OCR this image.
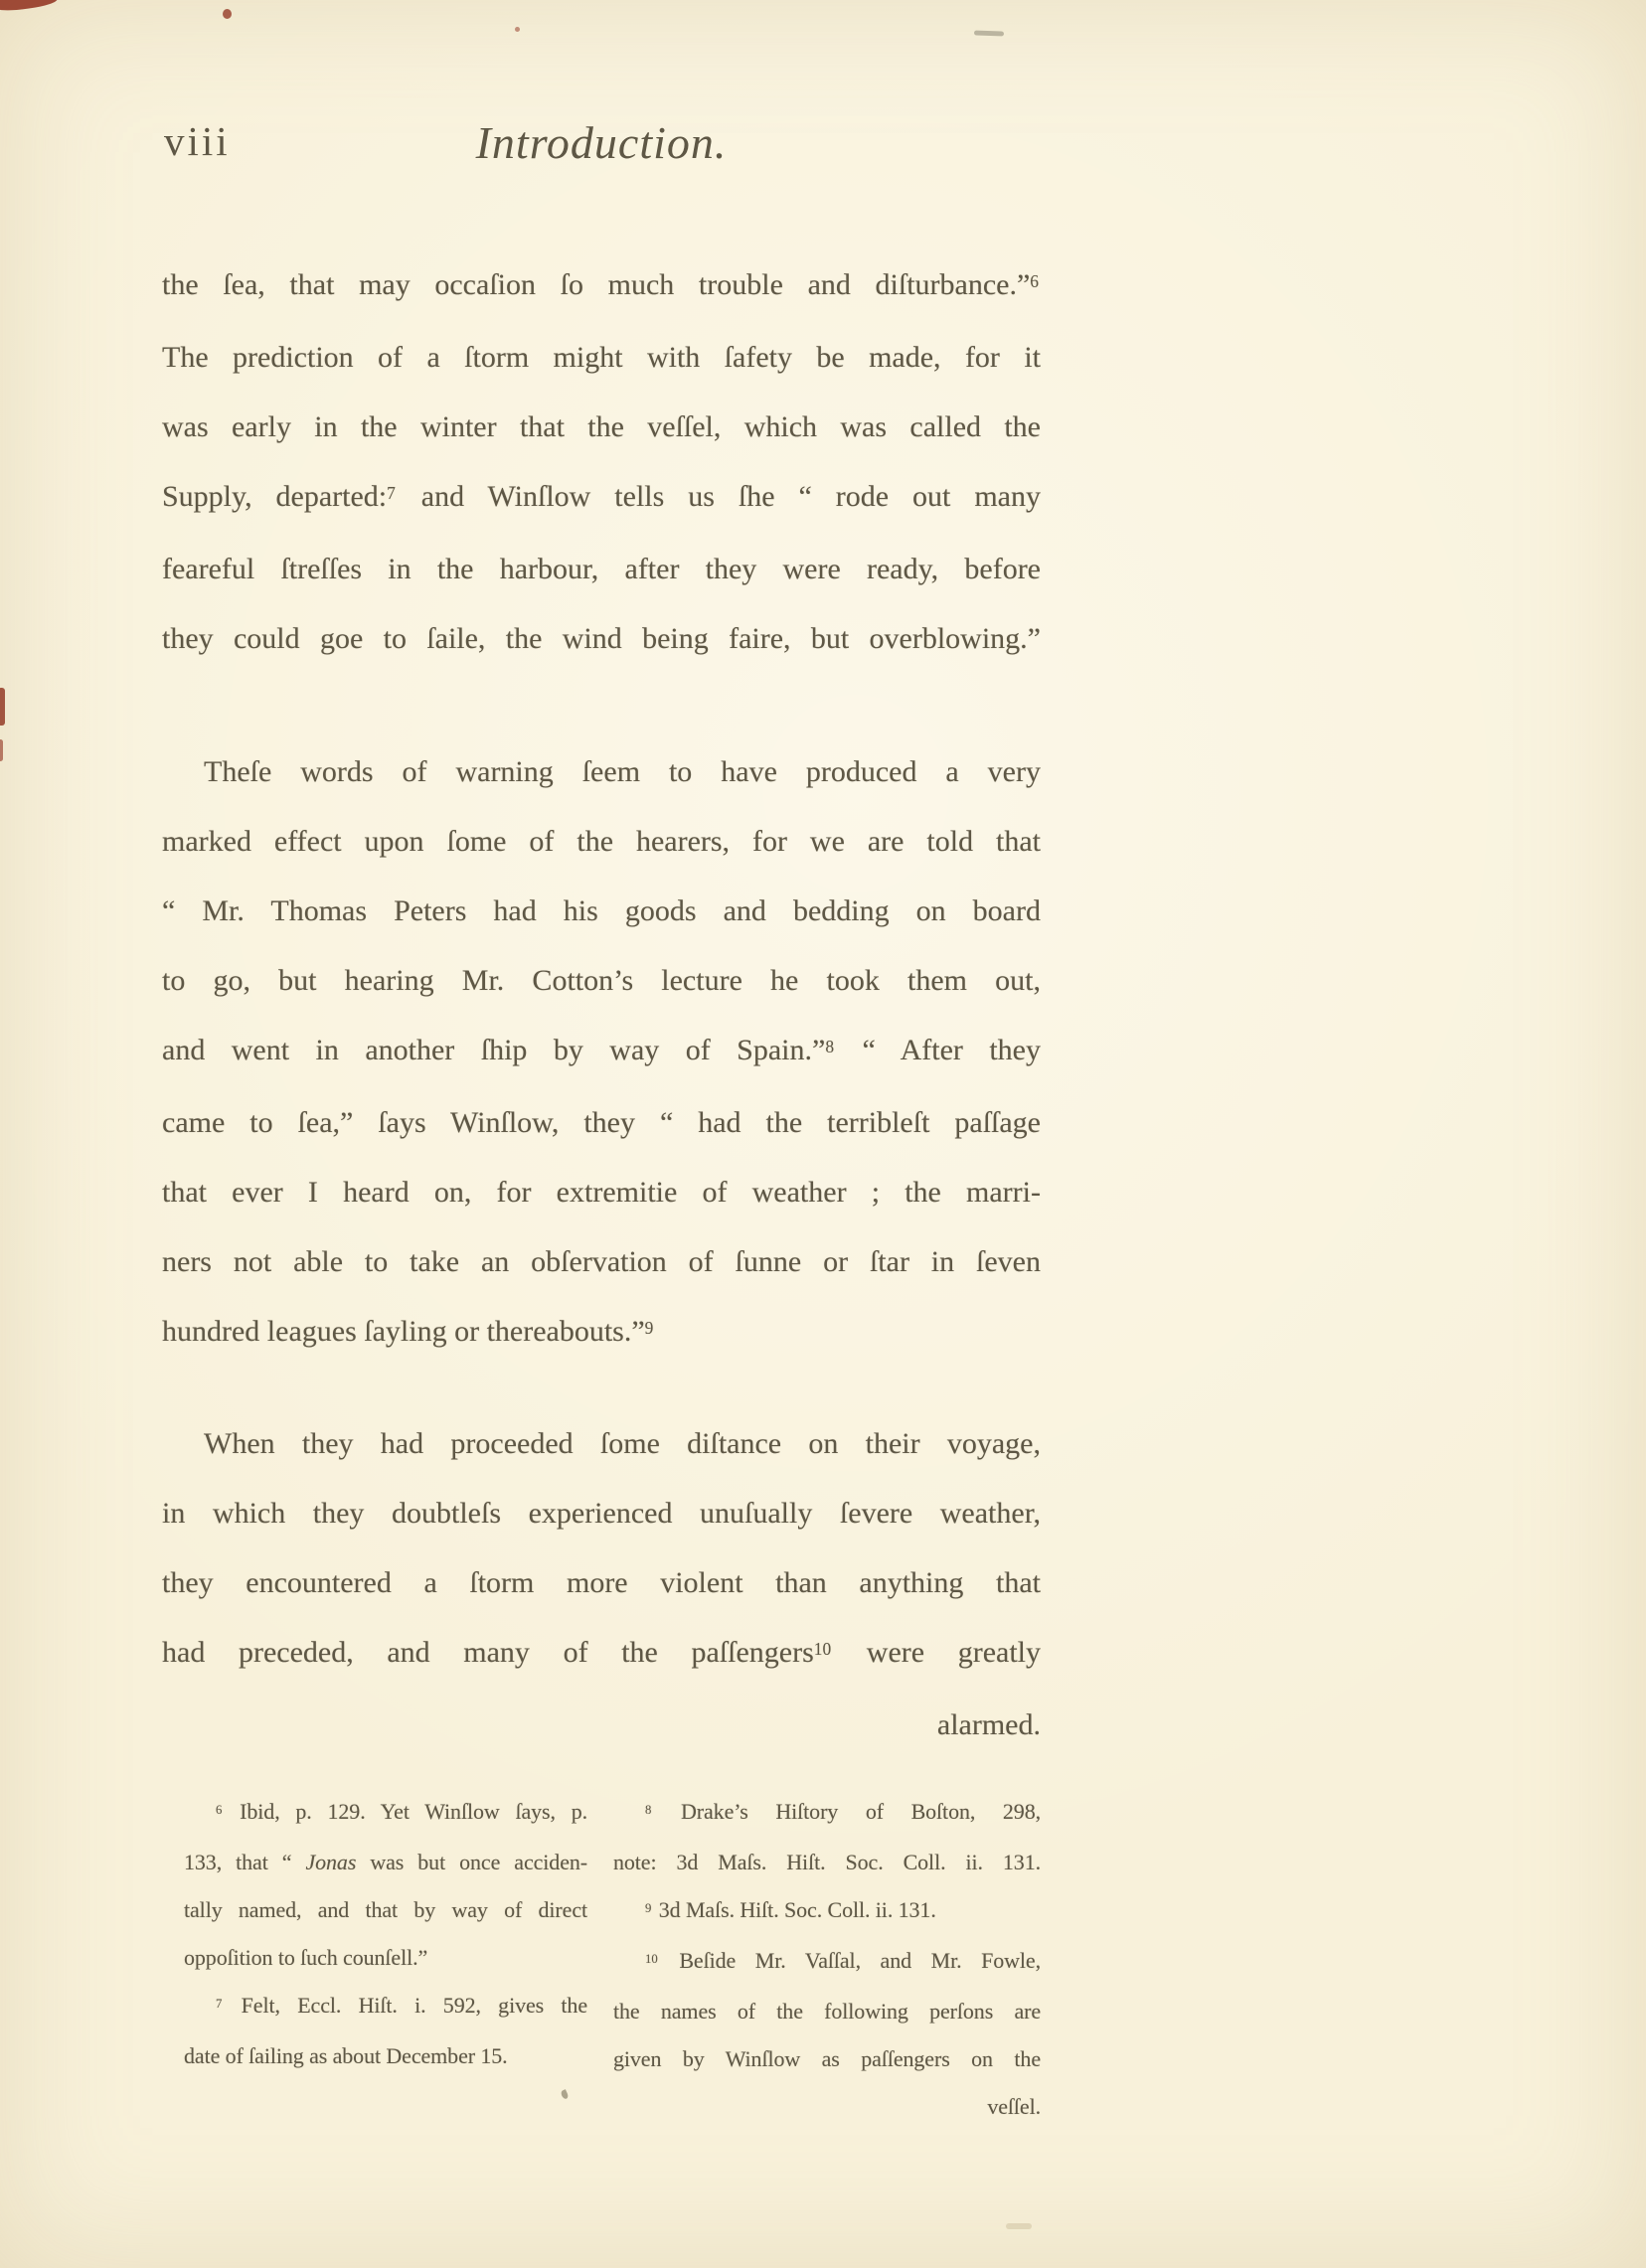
viii	Introduction.
the ſea, that may occaſion ſo much trouble and diſturbance.”$^6$
The prediction of a ſtorm might with ſafety be made, for it
was early in the winter that the veſſel, which was called the
Supply, departed:$^7$ and Winſlow tells us ſhe “ rode out many
feareful ſtreſſes in the harbour, after they were ready, before
they could goe to ſaile, the wind being faire, but overblowing.”
Theſe words of warning ſeem to have produced a very
marked effect upon ſome of the hearers, for we are told that
“ Mr. Thomas Peters had his goods and bedding on board
to go, but hearing Mr. Cotton’s lecture he took them out,
and went in another ſhip by way of Spain.”$^8$ “ After they
came to ſea,” ſays Winſlow, they “ had the terribleſt paſſage
that ever I heard on, for extremitie of weather ; the marri-
ners not able to take an obſervation of ſunne or ſtar in ſeven
hundred leagues ſayling or thereabouts.”$^9$
When they had proceeded ſome diſtance on their voyage,
in which they doubtleſs experienced unuſually ſevere weather,
they encountered a ſtorm more violent than anything that
had preceded, and many of the paſſengers$^{10}$ were greatly
alarmed.
$^6$ Ibid, p. 129. Yet Winſlow ſays, p.
133, that “ Jonas was but once acciden-
tally named, and that by way of direct
oppoſition to ſuch counſell.”
$^7$ Felt, Eccl. Hiſt. i. 592, gives the
date of ſailing as about December 15.
$^8$ Drake’s Hiſtory of Boſton, 298,
note: 3d Maſs. Hiſt. Soc. Coll. ii. 131.
$^9$ 3d Maſs. Hiſt. Soc. Coll. ii. 131.
$^{10}$ Beſide Mr. Vaſſal, and Mr. Fowle,
the names of the following perſons are
given by Winſlow as paſſengers on the
veſſel.
